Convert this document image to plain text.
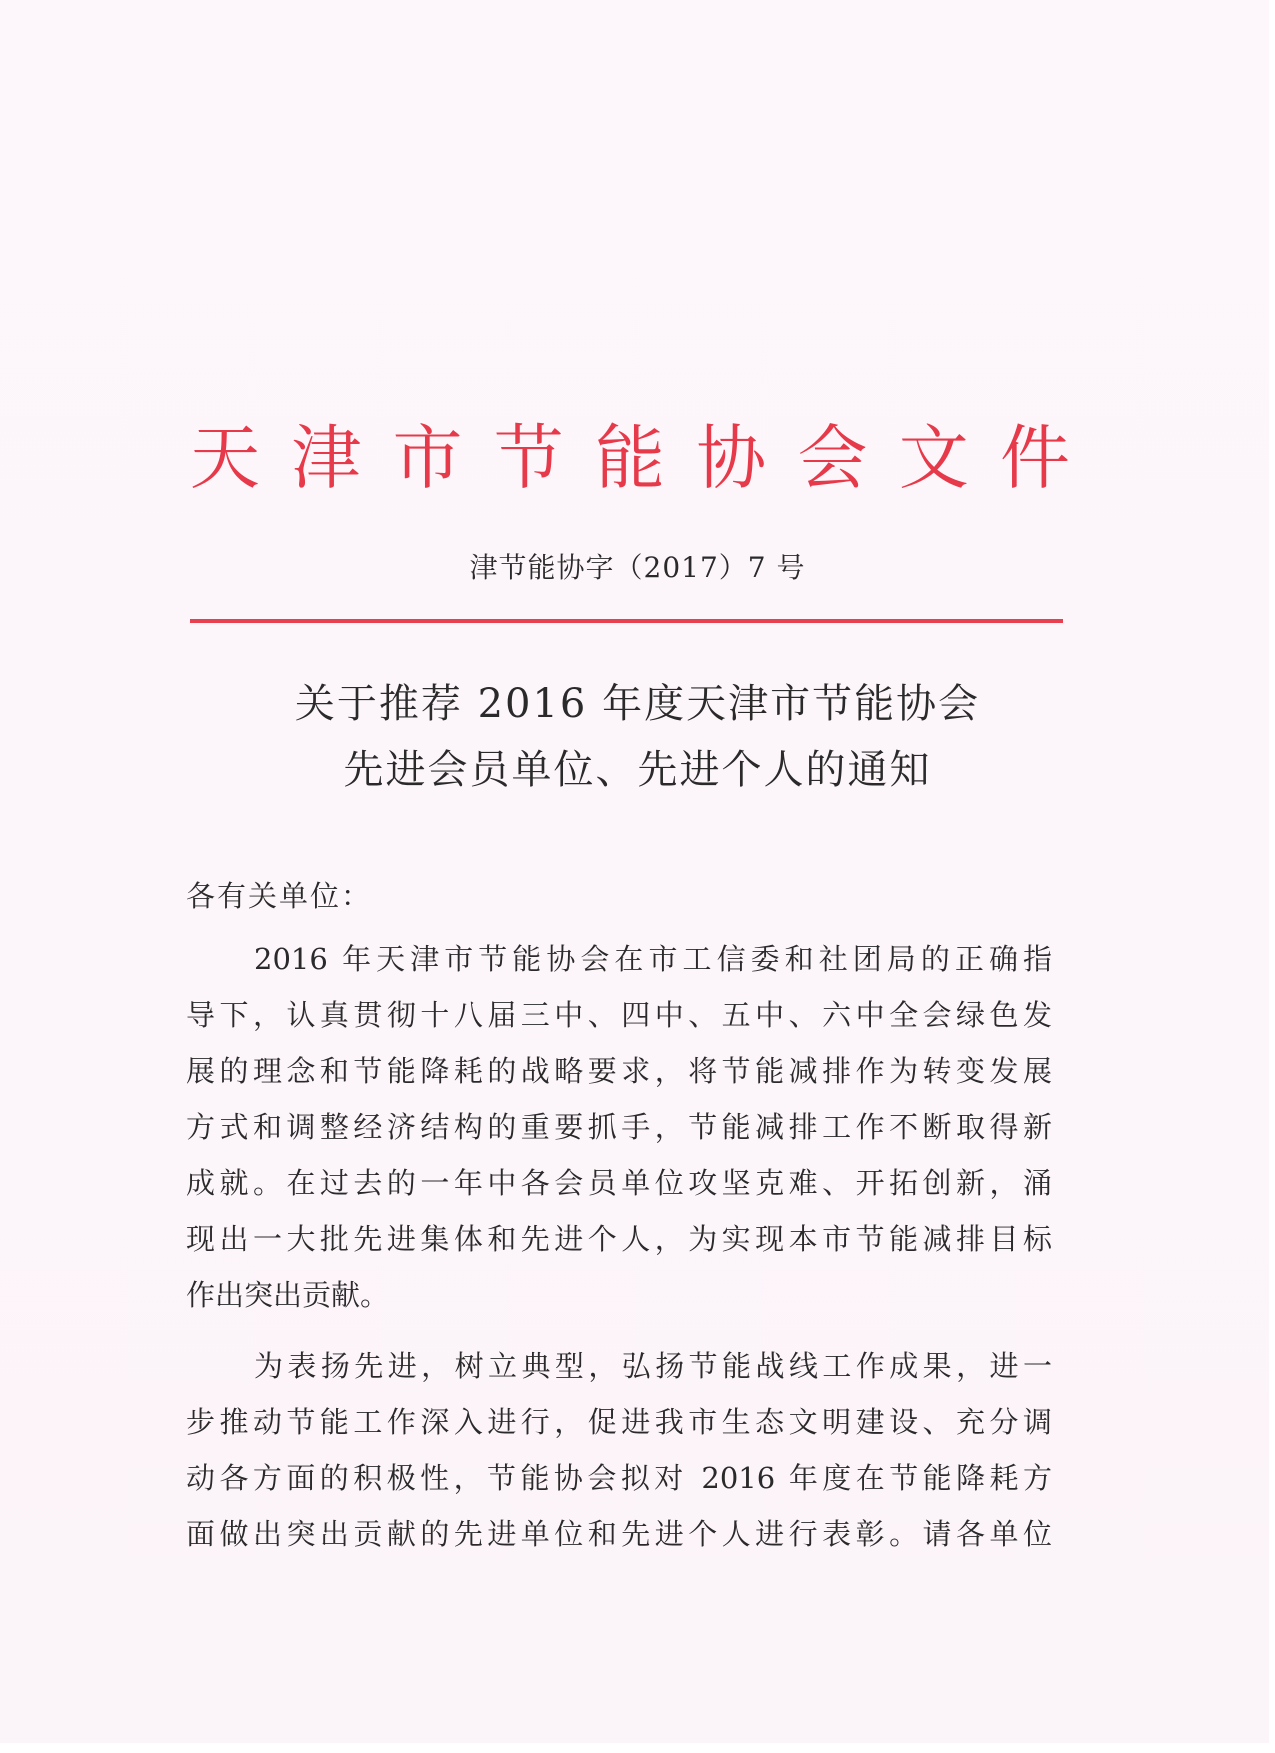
天 津 市 节 能 协 会 文 件
津节能协字（2017）7 号
关于推荐 2016 年度天津市节能协会
先进会员单位、先进个人的通知
各有关单位：
2016 年天津市节能协会在市工信委和社团局的正确指
导下，认真贯彻十八届三中、四中、五中、六中全会绿色发
展的理念和节能降耗的战略要求，将节能减排作为转变发展
方式和调整经济结构的重要抓手，节能减排工作不断取得新
成就。在过去的一年中各会员单位攻坚克难、开拓创新，涌
现出一大批先进集体和先进个人，为实现本市节能减排目标
作出突出贡献。
为表扬先进，树立典型，弘扬节能战线工作成果，进一
步推动节能工作深入进行，促进我市生态文明建设、充分调
动各方面的积极性，节能协会拟对 2016 年度在节能降耗方
面做出突出贡献的先进单位和先进个人进行表彰。请各单位
